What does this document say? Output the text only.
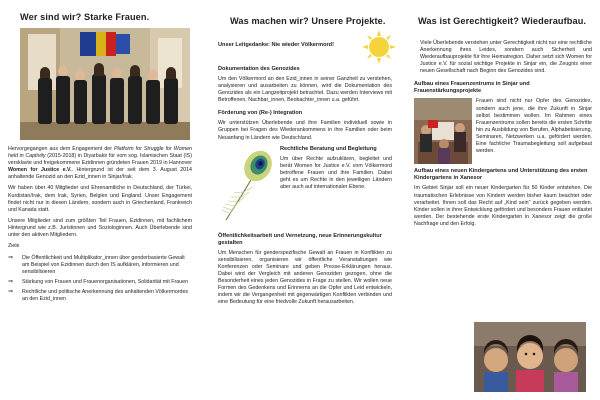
Wer sind wir? Starke Frauen.

Hervorgegangen aus dem Engagement der Platform for Struggle for Women held in Captivity (2015-2018) in Diyarbakir für vom sog. Islamischen Staat (IS) versklavte und freigekommene Ezidinnen gründeten Frauen 2019 in Hannover Women for Justice e.V.. Hintergrund ist der seit dem 3. August 2014 anhaltende Genozid an den Ezid_innen in Sinjar/Irak.

Wir haben über 40 Mitglieder und Ehrenamtliche in Deutschland, der Türkei, Kurdistan/Irak, dem Irak, Syrien, Belgien und England. Unser Engagement findet nicht nur in diesen Ländern, sondern auch in Griechenland, Frankreich und Kanada statt.

Unsere Mitglieder sind zum größten Teil Frauen, Ezidinnen, mit fachlichem Hintergrund wie z.B. Juristinnen und Soziologinnen. Auch Überlebende sind unter den aktiven Mitgliedern.

Ziele

⇒	Die Öffentlichkeit und Multiplikator_innen über genderbasierte Gewalt am Beispiel von Ezidinnen durch den IS aufklären, informieren und sensibilisieren
⇒	Stärkung von Frauen und Frauenorganisationen, Solidarität mit Frauen
⇒	Rechtliche und politische Anerkennung des anhaltenden Völkermordes an den Ezid_innen
Was machen wir? Unsere Projekte.
Unser Leitgedanke: Nie wieder Völkermord!
Dokumentation des Genozides

Um den Völkermord an den Ezid_innen in seiner Ganzheit zu verstehen, analysieren und ausarbeiten zu können, wird die Dokumentation des Genozides als ein Langzeitprojekt betrachtet. Dazu werden Interviews mit Betroffenen, Nachbar_innen, Beobachter_innen u.a. geführt.

Förderung von (Re-) Integration

Wir unterstützen Überlebende und ihre Familien individuell sowie in Gruppen bei Fragen des Wiederankommens in ihre Familien oder beim Neuanfang in Ländern wie Deutschland.

Rechtliche Beratung und Begleitung

Um über Rechte aufzuklären, begleitet und berät Women for Justice e.V. vom Völkermord betroffene Frauen und ihre Familien. Dabei geht es um Rechte in den jeweiligen Ländern aber auch auf internationaler Ebene.

Öffentlichkeitsarbeit und Vernetzung, neue Erinnerungskultur gestalten

Um Menschen für genderspezifische Gewalt an Frauen in Konflikten zu sensibilisieren, organisieren wir öffentliche Veranstaltungen wie Konferenzen oder Seminare und geben Presse-Erklärungen heraus. Dabei wird der Vergleich mit anderen Genoziden gezogen, ohne die Besonderheit eines jeden Genozides in Frage zu stellen. Wir wollen neue Formen des Gedenkens und Erinnerns an die Opfer und Leid entwickeln, indem wir die Vergangenheit mit gegenwärtigen Konflikten verbinden und eine Bedeutung für eine friedvolle Zukunft herausarbeiten.

Was ist Gerechtigkeit? Wiederaufbau.

Viele Überlebende verstehen unter Gerechtigkeit nicht nur eine rechtliche Anerkennung ihres Leides, sondern auch Sicherheit und Wiederaufbauprojekte für ihre Heimatregion. Daher setzt sich Women for Justice e.V. für sozial wichtige Projekte in Sinjar ein, die Zeugnis einer neuen Gesellschaft nach Beginn des Genozides sind.

Aufbau eines Frauenzentrums in Sinjar und Frauenstärkungsprojekte

Frauen sind nicht nur Opfer des Genozides, sondern auch jene, die ihre Zukunft in Sinjar selbst bestimmen wollen. Im Rahmen eines Frauenzentrums sollen bereits die ersten Schritte hin zu Ausbildung von Berufen, Alphabetisierung, Seminaren, Netzwerken u.a. gefördert werden. Eine fachliche Traumabegleitung soll aufgebaut werden.

Aufbau eines neuen Kindergartens und Unterstützung des ersten Kindergartens in Xanesor

Im Gebiet Sinjar soll ein neuer Kindergarten für 50 Kinder entstehen. Die traumatischen Erlebnisse von Kindern werden bisher kaum beachtet oder verarbeitet. Ihnen soll das Recht auf „Kind sein" zurück gegeben werden. Kinder sollen in ihrer Entwicklung gefördert und besonders Frauen entlastet werden. Der bestehende erste Kindergarten in Xanesor zeigt die große Nachfrage und den Erfolg.
